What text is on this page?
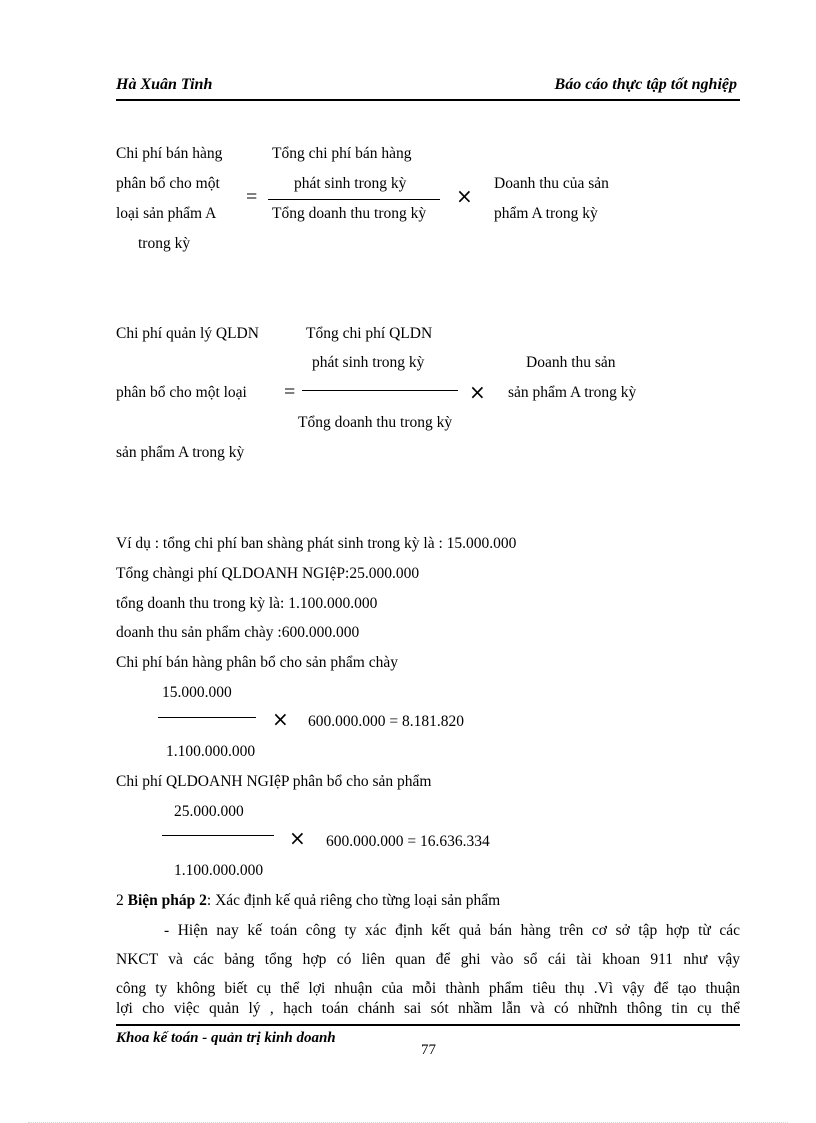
Hà Xuân Tinh	Báo cáo thực tập tốt nghiệp
Chi phí bán hàng
phân bổ cho một
loại sản phẩm A
trong kỳ
=
Tổng chi phí bán hàng
phát sinh trong kỳ
Tổng doanh thu trong kỳ
×
Doanh thu của sản
phẩm A trong kỳ
Chi phí quản lý QLDN
phân bổ cho một loại
sản phẩm A trong kỳ
=
Tổng chi phí QLDN
phát sinh trong kỳ
Tổng doanh thu trong kỳ
×
Doanh thu sản
sản phẩm A trong kỳ
Ví dụ : tổng chi phí ban shàng phát sinh trong kỳ là : 15.000.000
Tổng chàngi phí QLDOANH NGIệP:25.000.000
tổng doanh thu trong kỳ là: 1.100.000.000
doanh thu sản phẩm chày :600.000.000
Chi phí bán hàng phân bổ cho sản phẩm chày
15.000.000
× 600.000.000 = 8.181.820
1.100.000.000
Chi phí QLDOANH NGIệP phân bổ cho sản phẩm
25.000.000
× 600.000.000 = 16.636.334
1.100.000.000
2 Biện pháp 2: Xác định kế quả riêng cho từng loại sản phẩm
- Hiện nay kế toán công ty xác định kết quả bán hàng trên cơ sở tập hợp từ các
NKCT và các bảng tổng hợp có liên quan để ghi vào sổ cái tài khoan 911 như vậy
công ty không biết cụ thể lợi nhuận của mỗi thành phẩm tiêu thụ .Vì vậy để tạo thuận
lợi cho việc quản lý , hạch toán chánh sai sót nhầm lẫn và có nhữnh thông tin cụ thể
Khoa kế toán - quản trị kinh doanh
77
